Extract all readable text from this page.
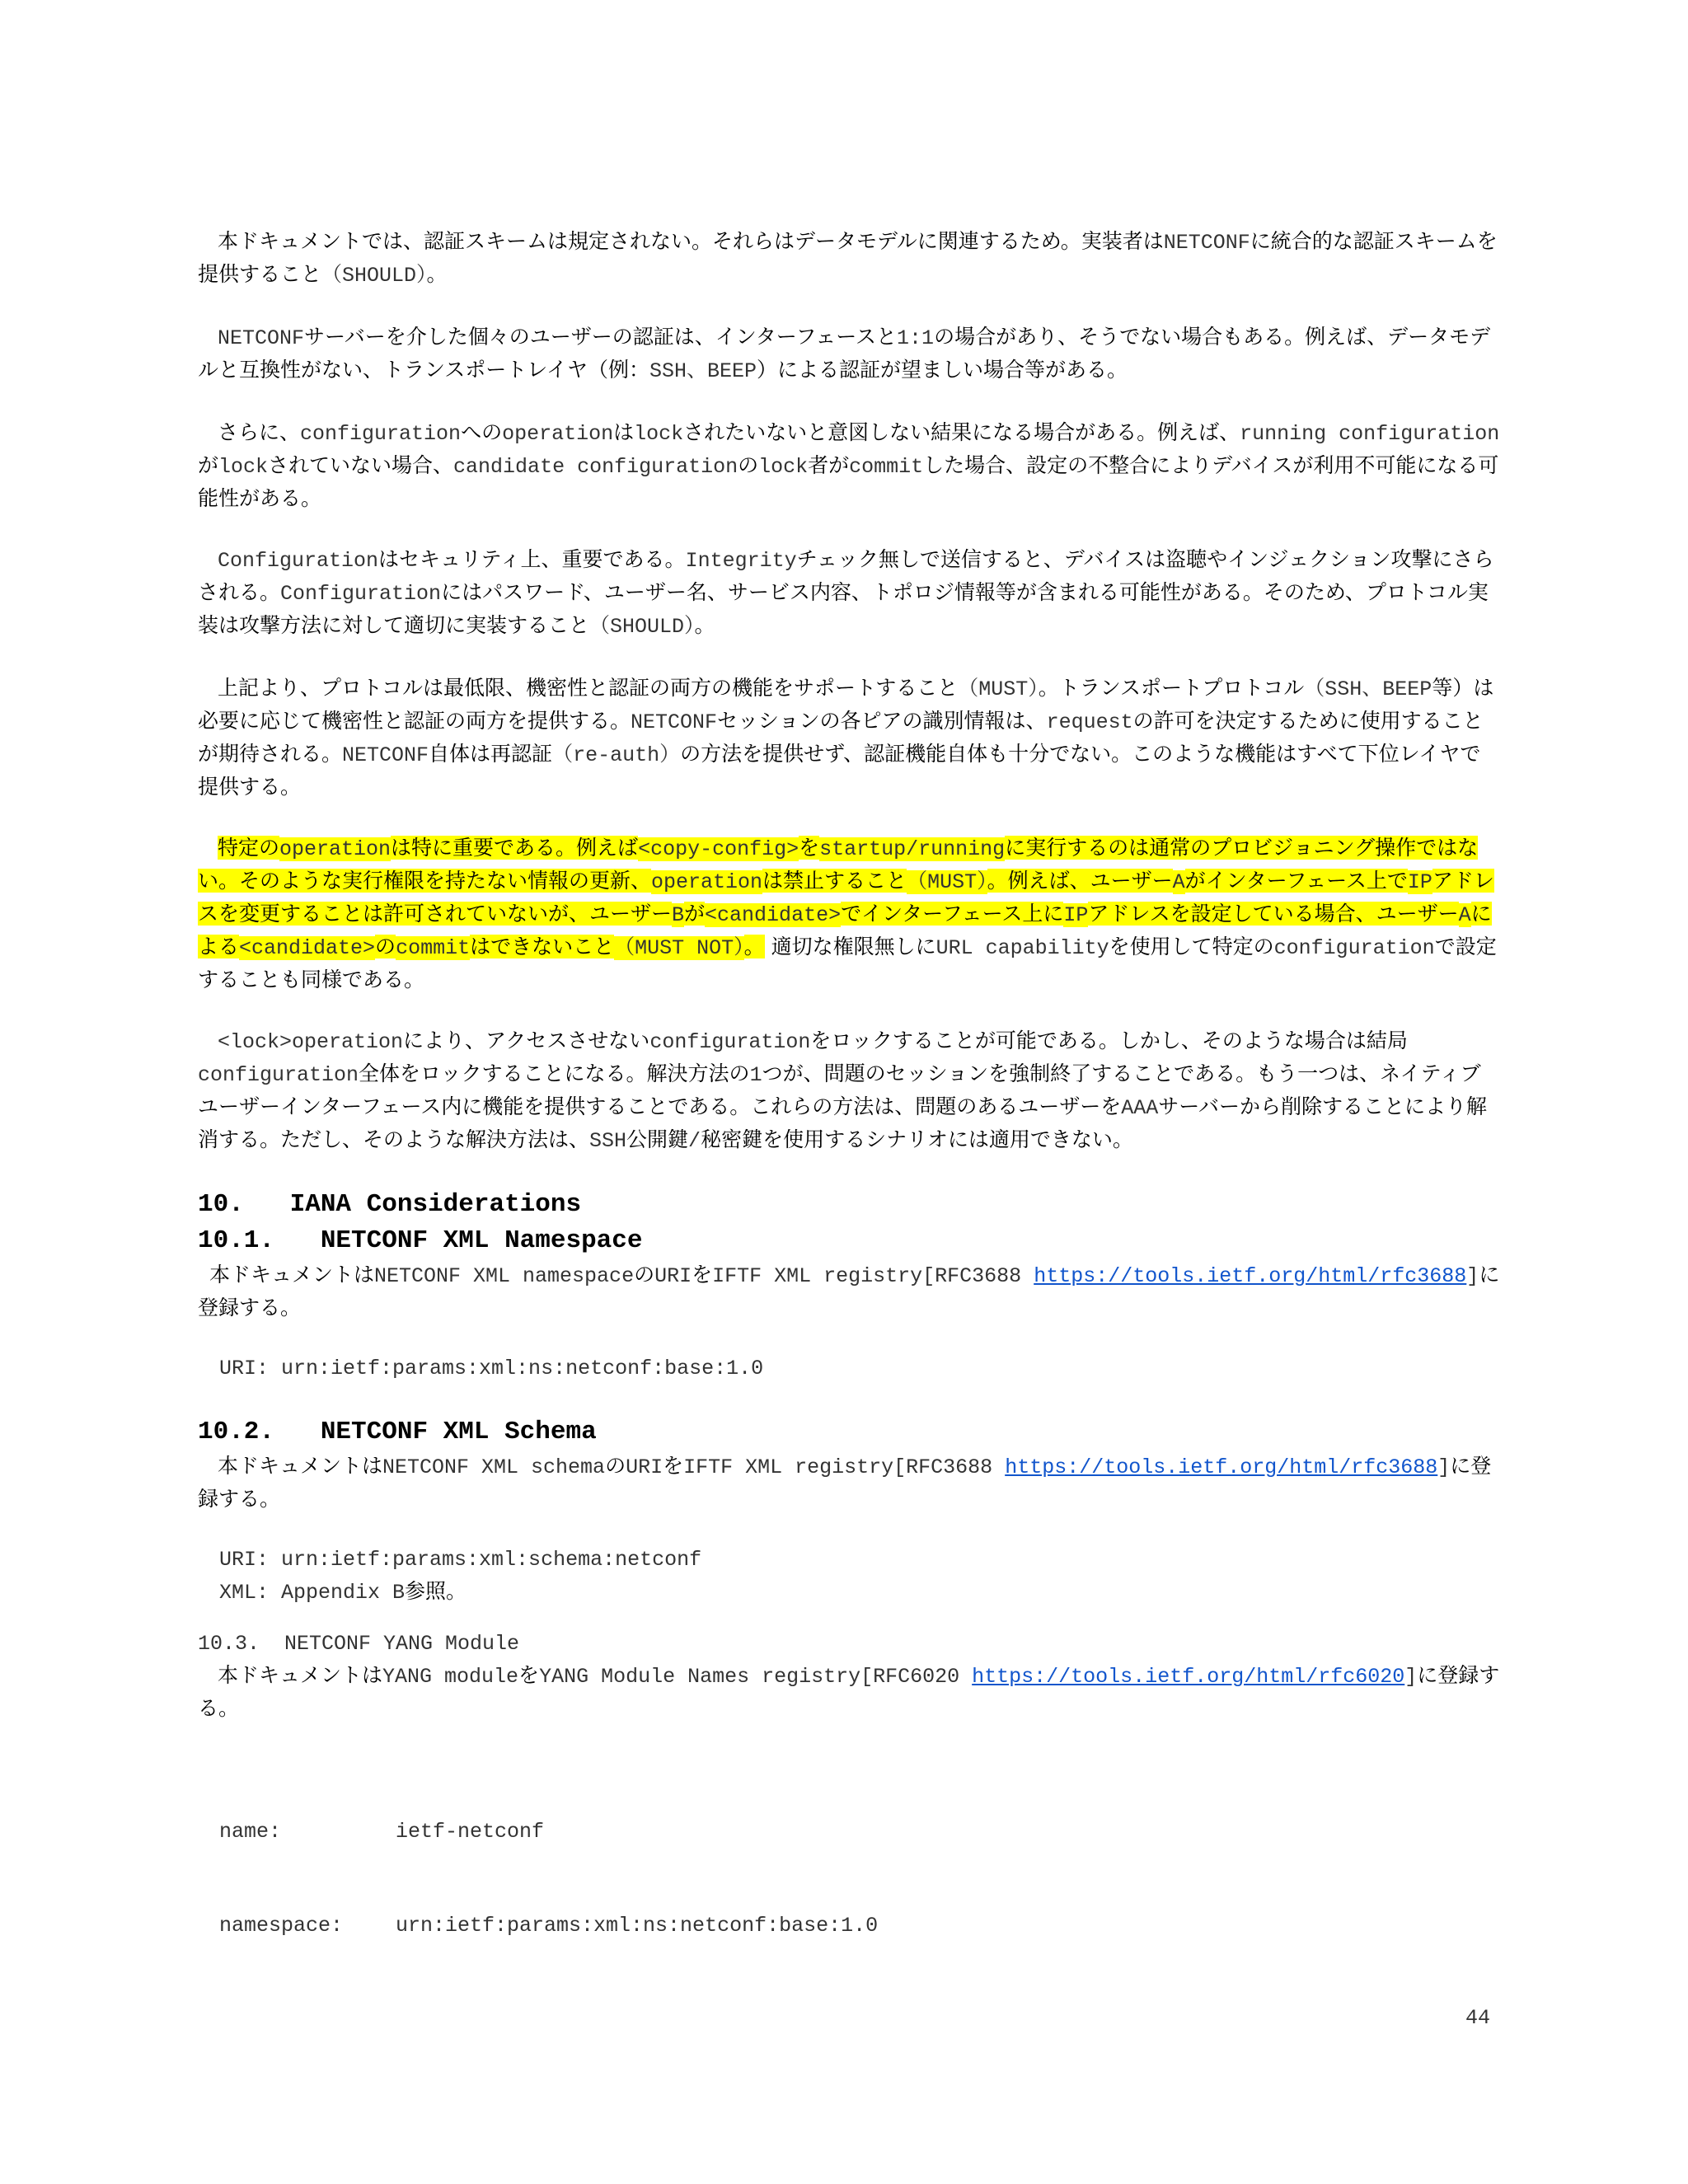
本ドキュメントでは、認証スキームは規定されない。それらはデータモデルに関連するため。実装者はNETCONFに統合的な認証スキームを提供すること（SHOULD）。

NETCONFサーバーを介した個々のユーザーの認証は、インターフェースと1:1の場合があり、そうでない場合もある。例えば、データモデルと互換性がない、トランスポートレイヤ（例：SSH、BEEP）による認証が望ましい場合等がある。

さらに、configurationへのoperationはlockされたいないと意図しない結果になる場合がある。例えば、running configurationがlockされていない場合、candidate configurationのlock者がcommitした場合、設定の不整合によりデバイスが利用不可能になる可能性がある。

Configurationはセキュリティ上、重要である。Integrityチェック無しで送信すると、デバイスは盗聴やインジェクション攻撃にさらされる。Configurationにはパスワード、ユーザー名、サービス内容、トポロジ情報等が含まれる可能性がある。そのため、プロトコル実装は攻撃方法に対して適切に実装すること（SHOULD）。

上記より、プロトコルは最低限、機密性と認証の両方の機能をサポートすること（MUST）。トランスポートプロトコル（SSH、BEEP等）は必要に応じて機密性と認証の両方を提供する。NETCONFセッションの各ピアの識別情報は、requestの許可を決定するために使用することが期待される。NETCONF自体は再認証（re-auth）の方法を提供せず、認証機能自体も十分でない。このような機能はすべて下位レイヤで提供する。

特定のoperationは特に重要である。例えば<copy-config>をstartup/runningに実行するのは通常のプロビジョニング操作ではない。そのような実行権限を持たない情報の更新、operationは禁止すること（MUST）。例えば、ユーザーAがインターフェース上でIPアドレスを変更することは許可されていないが、ユーザーBが<candidate>でインターフェース上にIPアドレスを設定している場合、ユーザーAによる<candidate>のcommitはできないこと（MUST NOT）。 適切な権限無しにURL capabilityを使用して特定のconfigurationで設定することも同様である。

<lock>operationにより、アクセスさせないconfigurationをロックすることが可能である。しかし、そのような場合は結局configuration全体をロックすることになる。解決方法の1つが、問題のセッションを強制終了することである。もう一つは、ネイティブユーザーインターフェース内に機能を提供することである。これらの方法は、問題のあるユーザーをAAAサーバーから削除することにより解消する。ただし、そのような解決方法は、SSH公開鍵/秘密鍵を使用するシナリオには適用できない。

10. IANA Considerations
10.1. NETCONF XML Namespace

本ドキュメントはNETCONF XML namespaceのURIをIFTF XML registry[RFC3688 https://tools.ietf.org/html/rfc3688]に登録する。

URI: urn:ietf:params:xml:ns:netconf:base:1.0
10.2. NETCONF XML Schema

本ドキュメントはNETCONF XML schemaのURIをIFTF XML registry[RFC3688 https://tools.ietf.org/html/rfc3688]に登録する。

URI: urn:ietf:params:xml:schema:netconf
XML: Appendix B参照。
10.3.  NETCONF YANG Module

本ドキュメントはYANG moduleをYANG Module Names registry[RFC6020 https://tools.ietf.org/html/rfc6020]に登録する。

name:	ietf-netconf

namespace:	urn:ietf:params:xml:ns:netconf:base:1.0

44
